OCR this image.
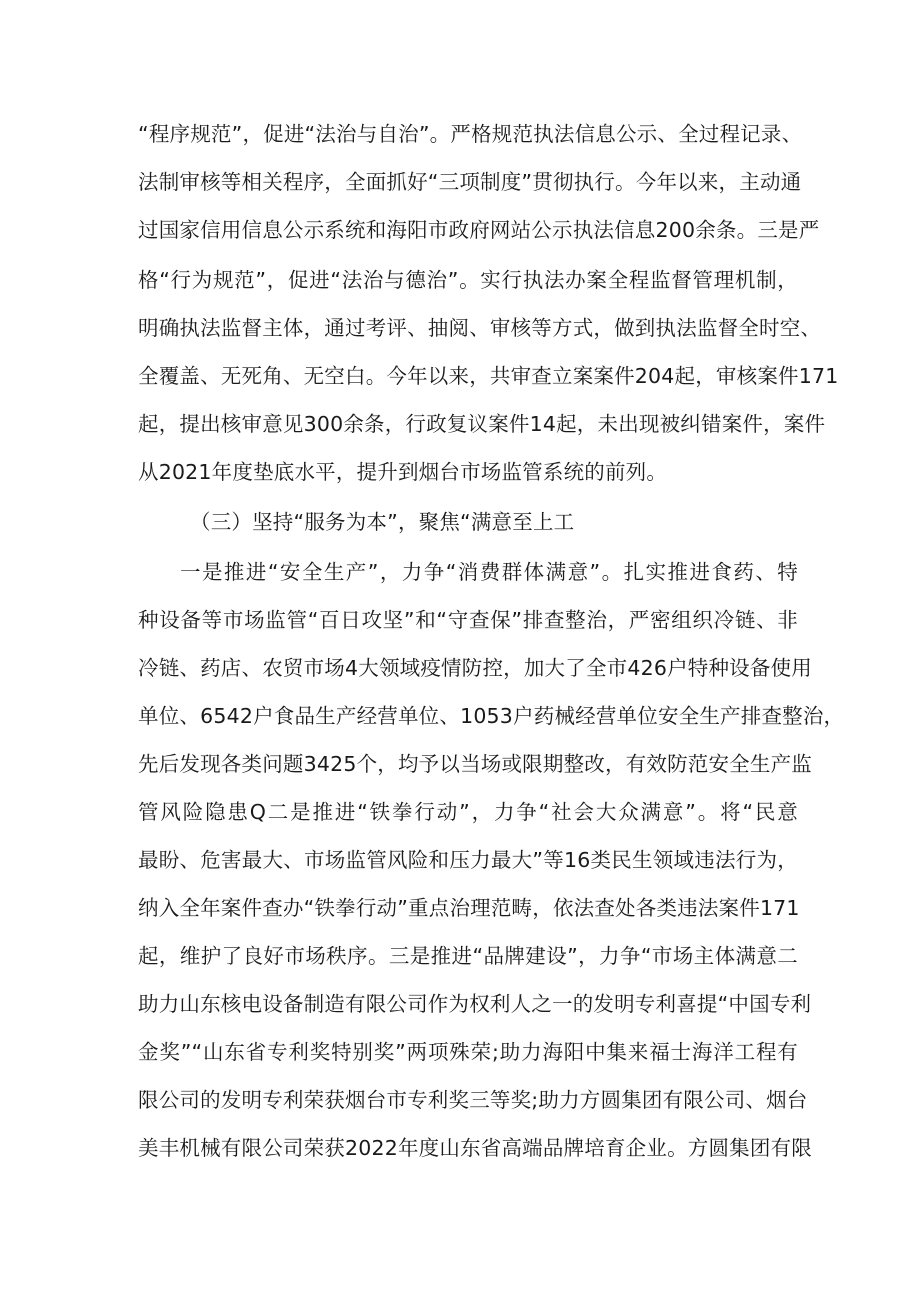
“程序规范”，促进“法治与自治”。严格规范执法信息公示、全过程记录、
法制审核等相关程序，全面抓好“三项制度”贯彻执行。今年以来，主动通
过国家信用信息公示系统和海阳市政府网站公示执法信息200余条。三是严
格“行为规范”，促进“法治与德治”。实行执法办案全程监督管理机制，
明确执法监督主体，通过考评、抽阅、审核等方式，做到执法监督全时空、
全覆盖、无死角、无空白。今年以来，共审查立案案件204起，审核案件171
起，提出核审意见300余条，行政复议案件14起，未出现被纠错案件，案件
从2021年度垫底水平，提升到烟台市场监管系统的前列。
（三）坚持“服务为本”，聚焦“满意至上工
一是推进“安全生产”，力争“消费群体满意”。扎实推进食药、特
种设备等市场监管“百日攻坚”和“守查保”排查整治，严密组织冷链、非
冷链、药店、农贸市场4大领域疫情防控，加大了全市426户特种设备使用
单位、6542户食品生产经营单位、1053户药械经营单位安全生产排查整治，
先后发现各类问题3425个，均予以当场或限期整改，有效防范安全生产监
管风险隐患Q二是推进“铁拳行动”，力争“社会大众满意”。将“民意
最盼、危害最大、市场监管风险和压力最大”等16类民生领域违法行为，
纳入全年案件查办“铁拳行动”重点治理范畴，依法查处各类违法案件171
起，维护了良好市场秩序。三是推进“品牌建设”，力争“市场主体满意二
助力山东核电设备制造有限公司作为权利人之一的发明专利喜提“中国专利
金奖”“山东省专利奖特别奖”两项殊荣;助力海阳中集来福士海洋工程有
限公司的发明专利荣获烟台市专利奖三等奖;助力方圆集团有限公司、烟台
美丰机械有限公司荣获2022年度山东省高端品牌培育企业。方圆集团有限
